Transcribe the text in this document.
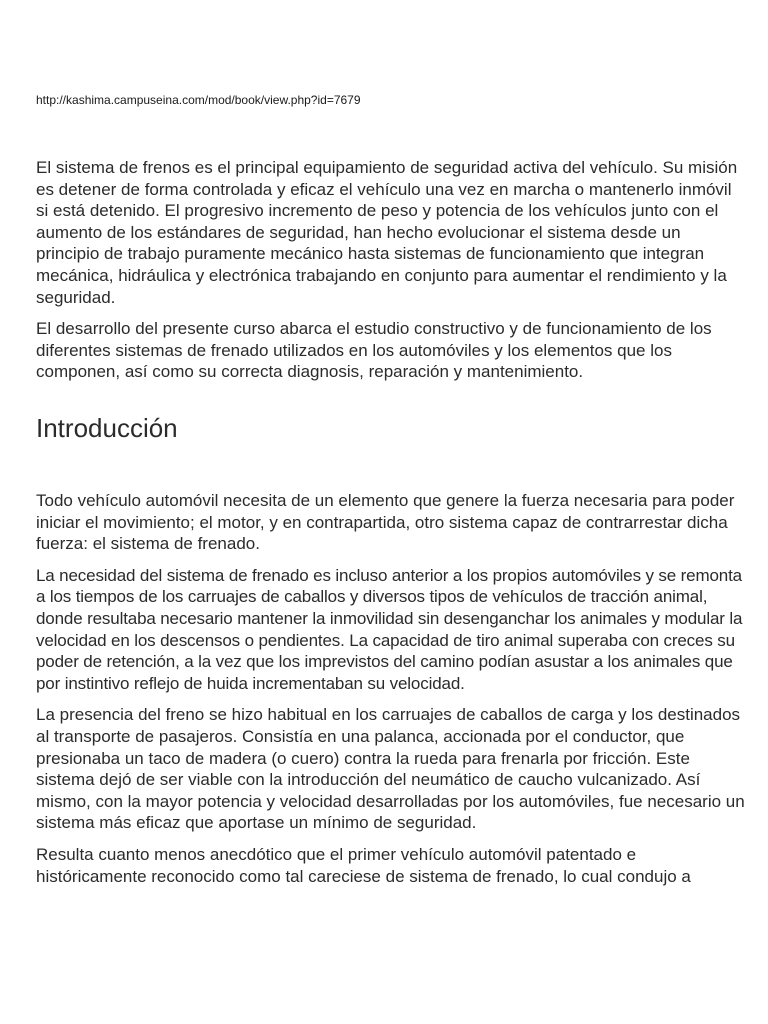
http://kashima.campuseina.com/mod/book/view.php?id=7679

El sistema de frenos es el principal equipamiento de seguridad activa del vehículo. Su misión es detener de forma controlada y eficaz el vehículo una vez en marcha o mantenerlo inmóvil si está detenido. El progresivo incremento de peso y potencia de los vehículos junto con el aumento de los estándares de seguridad, han hecho evolucionar el sistema desde un principio de trabajo puramente mecánico hasta sistemas de funcionamiento que integran mecánica, hidráulica y electrónica trabajando en conjunto para aumentar el rendimiento y la seguridad.

El desarrollo del presente curso abarca el estudio constructivo y de funcionamiento de los diferentes sistemas de frenado utilizados en los automóviles y los elementos que los componen, así como su correcta diagnosis, reparación y mantenimiento.

Introducción

Todo vehículo automóvil necesita de un elemento que genere la fuerza necesaria para poder iniciar el movimiento; el motor, y en contrapartida, otro sistema capaz de contrarrestar dicha fuerza: el sistema de frenado.

La necesidad del sistema de frenado es incluso anterior a los propios automóviles y se remonta a los tiempos de los carruajes de caballos y diversos tipos de vehículos de tracción animal, donde resultaba necesario mantener la inmovilidad sin desenganchar los animales y modular la velocidad en los descensos o pendientes. La capacidad de tiro animal superaba con creces su poder de retención, a la vez que los imprevistos del camino podían asustar a los animales que por instintivo reflejo de huida incrementaban su velocidad.

La presencia del freno se hizo habitual en los carruajes de caballos de carga y los destinados al transporte de pasajeros. Consistía en una palanca, accionada por el conductor, que presionaba un taco de madera (o cuero) contra la rueda para frenarla por fricción. Este sistema dejó de ser viable con la introducción del neumático de caucho vulcanizado. Así mismo, con la mayor potencia y velocidad desarrolladas por los automóviles, fue necesario un sistema más eficaz que aportase un mínimo de seguridad.

Resulta cuanto menos anecdótico que el primer vehículo automóvil patentado e históricamente reconocido como tal careciese de sistema de frenado, lo cual condujo a
